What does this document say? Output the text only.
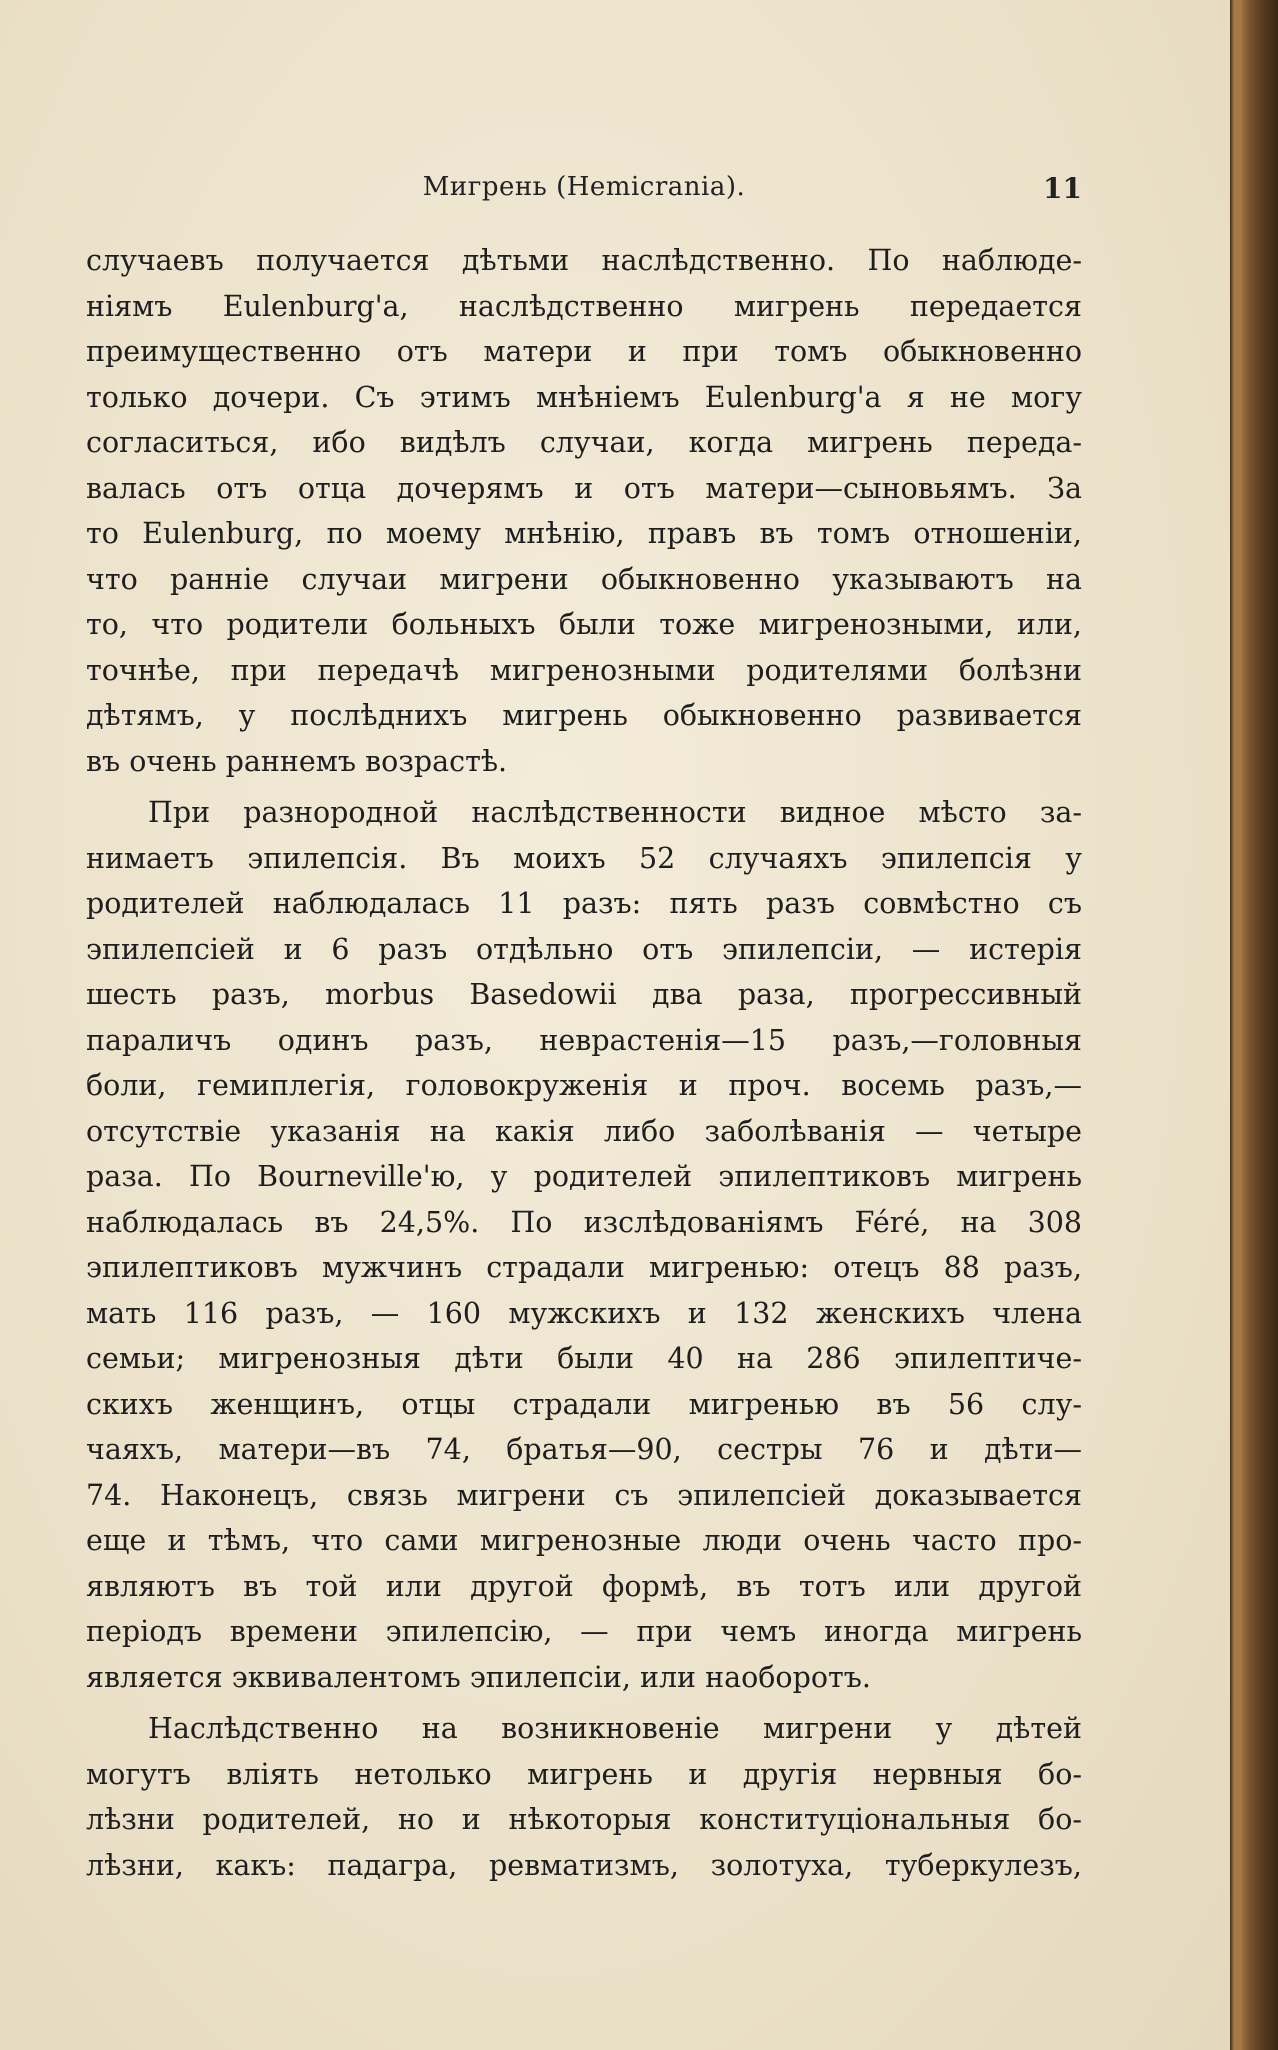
Мигрень (Hemicrania).	11
случаевъ получается дѣтьми наслѣдственно. По наблюде-
ніямъ Eulenburg'a, наслѣдственно мигрень передается
преимущественно отъ матери и при томъ обыкновенно
только дочери. Съ этимъ мнѣніемъ Eulenburg'a я не могу
согласиться, ибо видѣлъ случаи, когда мигрень переда-
валась отъ отца дочерямъ и отъ матери—сыновьямъ. За
то Eulenburg, по моему мнѣнію, правъ въ томъ отношеніи,
что ранніе случаи мигрени обыкновенно указываютъ на
то, что родители больныхъ были тоже мигренозными, или,
точнѣе, при передачѣ мигренозными родителями болѣзни
дѣтямъ, у послѣднихъ мигрень обыкновенно развивается
въ очень раннемъ возрастѣ.
При разнородной наслѣдственности видное мѣсто за-
нимаетъ эпилепсія. Въ моихъ 52 случаяхъ эпилепсія у
родителей наблюдалась 11 разъ: пять разъ совмѣстно съ
эпилепсіей и 6 разъ отдѣльно отъ эпилепсіи, — истерія
шесть разъ, morbus Basedowii два раза, прогрессивный
параличъ одинъ разъ, неврастенія—15 разъ,—головныя
боли, гемиплегія, головокруженія и проч. восемь разъ,—
отсутствіе указанія на какія либо заболѣванія — четыре
раза. По Bourneville'ю, у родителей эпилептиковъ мигрень
наблюдалась въ 24,5%. По изслѣдованіямъ Féré, на 308
эпилептиковъ мужчинъ страдали мигренью: отецъ 88 разъ,
мать 116 разъ, — 160 мужскихъ и 132 женскихъ члена
семьи; мигренозныя дѣти были 40 на 286 эпилептиче-
скихъ женщинъ, отцы страдали мигренью въ 56 слу-
чаяхъ, матери—въ 74, братья—90, сестры 76 и дѣти—
74. Наконецъ, связь мигрени съ эпилепсіей доказывается
еще и тѣмъ, что сами мигренозные люди очень часто про-
являютъ въ той или другой формѣ, въ тотъ или другой
періодъ времени эпилепсію, — при чемъ иногда мигрень
является эквивалентомъ эпилепсіи, или наоборотъ.
Наслѣдственно на возникновеніе мигрени у дѣтей
могутъ вліять нетолько мигрень и другія нервныя бо-
лѣзни родителей, но и нѣкоторыя конституціональныя бо-
лѣзни, какъ: падагра, ревматизмъ, золотуха, туберкулезъ,
